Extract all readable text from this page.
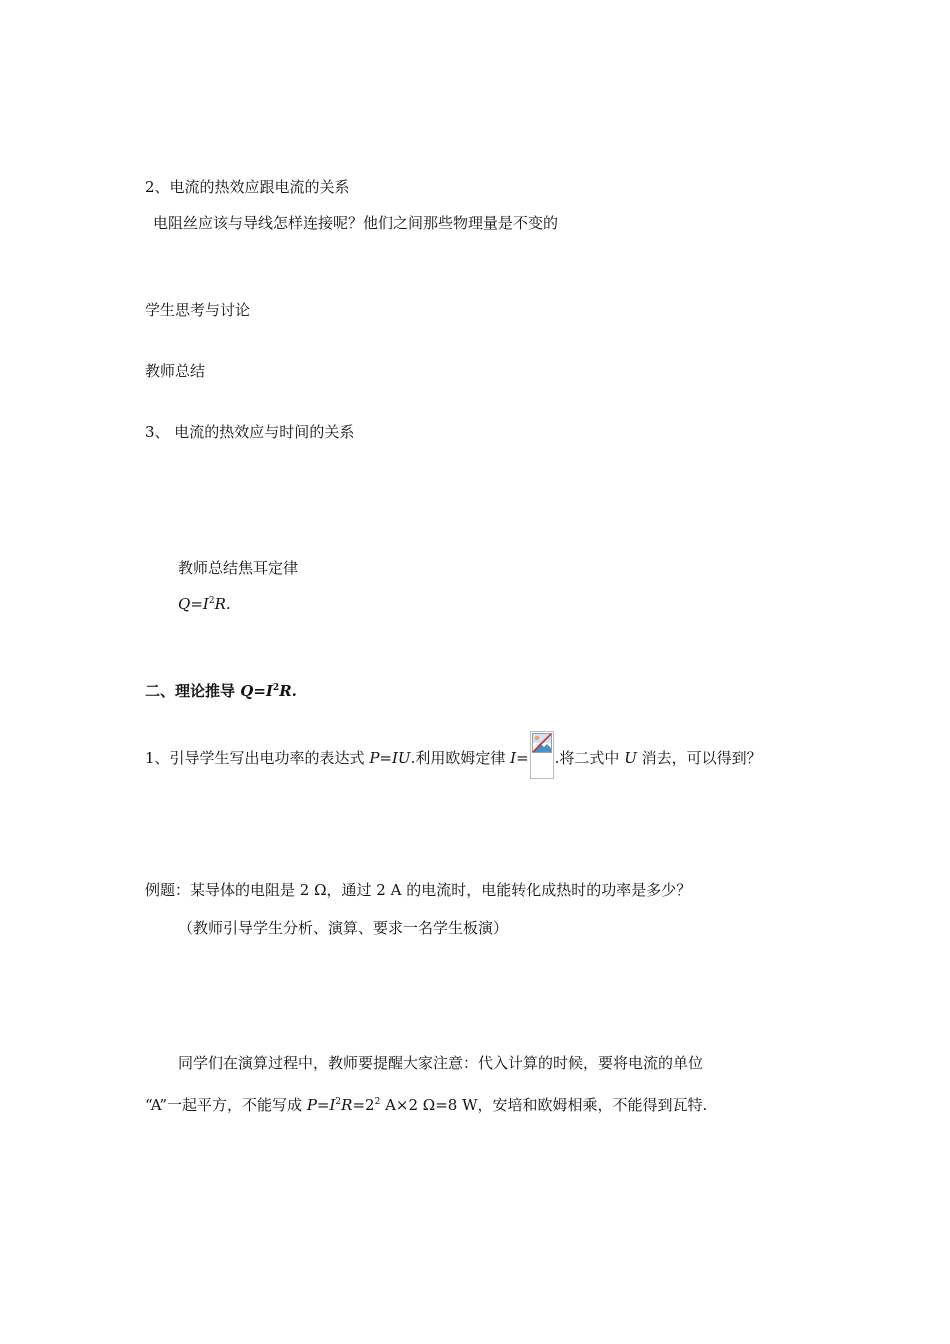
2、电流的热效应跟电流的关系
电阻丝应该与导线怎样连接呢？他们之间那些物理量是不变的
学生思考与讨论
教师总结
3、 电流的热效应与时间的关系
教师总结焦耳定律
$Q=I^2R$.
二、理论推导 $Q=I^2R$.
1、引导学生写出电功率的表达式 P=IU.利用欧姆定律 I= .将二式中 U 消去，可以得到？
例题：某导体的电阻是 2 Ω，通过 2 A 的电流时，电能转化成热时的功率是多少？
（教师引导学生分析、演算、要求一名学生板演）
同学们在演算过程中，教师要提醒大家注意：代入计算的时候，要将电流的单位
“A”一起平方，不能写成 $P=I^2R=2^2$ A×2 Ω=8 W，安培和欧姆相乘，不能得到瓦特.
